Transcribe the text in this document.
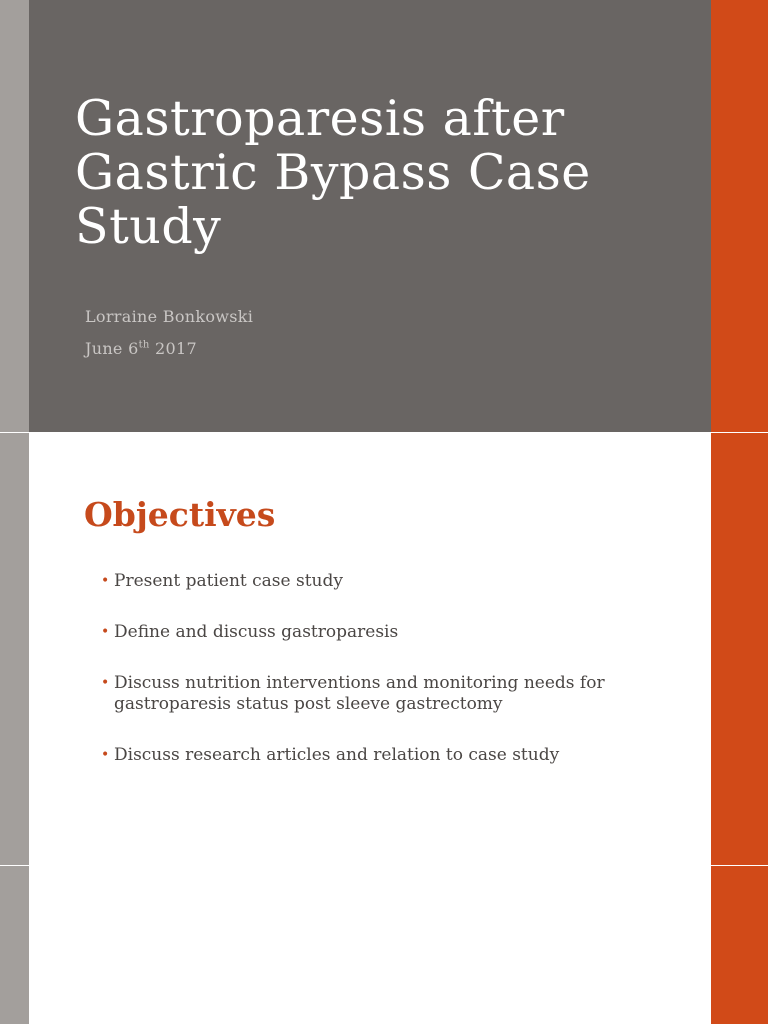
Gastroparesis after Gastric Bypass Case Study
Lorraine Bonkowski
June 6th 2017
Objectives
• Present patient case study
• Define and discuss gastroparesis
• Discuss nutrition interventions and monitoring needs for gastroparesis status post sleeve gastrectomy
• Discuss research articles and relation to case study
